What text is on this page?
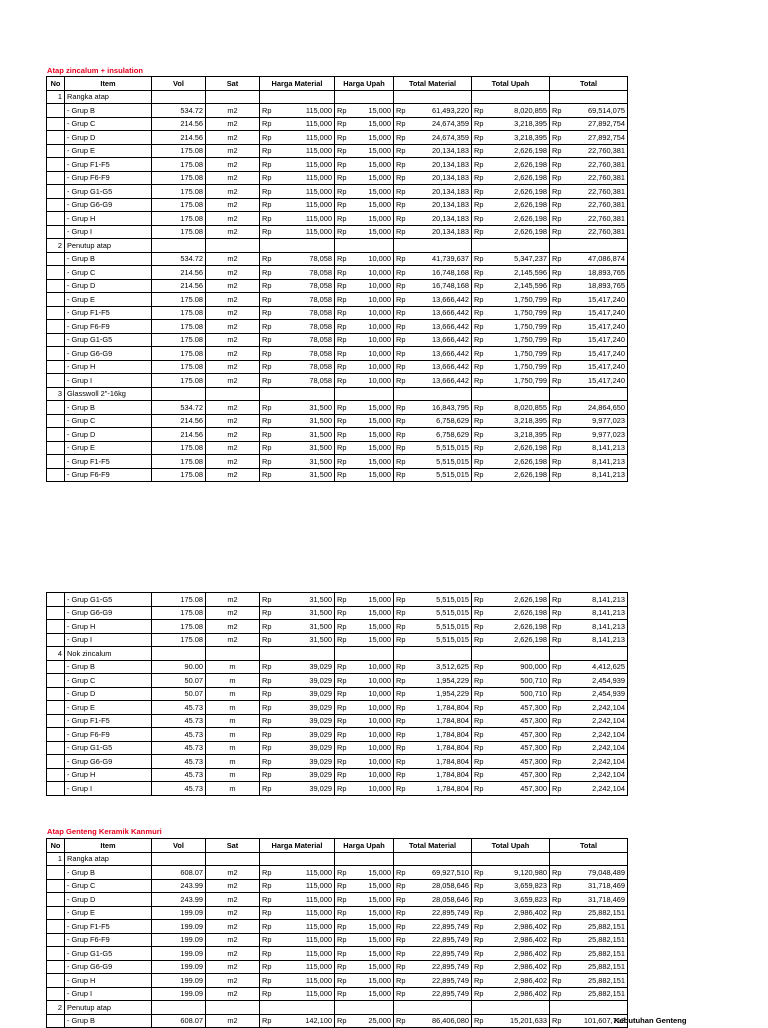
Atap zincalum + insulation
No	Item	Vol	Sat	Harga Material		Harga Upah		Total Material		Total Upah		Total	
1	Rangka atap												
	- Grup B	534.72	m2	Rp	115,000	Rp	15,000	Rp	61,493,220	Rp	8,020,855	Rp	69,514,075
	- Grup C	214.56	m2	Rp	115,000	Rp	15,000	Rp	24,674,359	Rp	3,218,395	Rp	27,892,754
	- Grup D	214.56	m2	Rp	115,000	Rp	15,000	Rp	24,674,359	Rp	3,218,395	Rp	27,892,754
	- Grup E	175.08	m2	Rp	115,000	Rp	15,000	Rp	20,134,183	Rp	2,626,198	Rp	22,760,381
	- Grup F1-F5	175.08	m2	Rp	115,000	Rp	15,000	Rp	20,134,183	Rp	2,626,198	Rp	22,760,381
	- Grup F6-F9	175.08	m2	Rp	115,000	Rp	15,000	Rp	20,134,183	Rp	2,626,198	Rp	22,760,381
	- Grup G1-G5	175.08	m2	Rp	115,000	Rp	15,000	Rp	20,134,183	Rp	2,626,198	Rp	22,760,381
	- Grup G6-G9	175.08	m2	Rp	115,000	Rp	15,000	Rp	20,134,183	Rp	2,626,198	Rp	22,760,381
	- Grup H	175.08	m2	Rp	115,000	Rp	15,000	Rp	20,134,183	Rp	2,626,198	Rp	22,760,381
	- Grup I	175.08	m2	Rp	115,000	Rp	15,000	Rp	20,134,183	Rp	2,626,198	Rp	22,760,381
2	Penutup atap												
	- Grup B	534.72	m2	Rp	78,058	Rp	10,000	Rp	41,739,637	Rp	5,347,237	Rp	47,086,874
	- Grup C	214.56	m2	Rp	78,058	Rp	10,000	Rp	16,748,168	Rp	2,145,596	Rp	18,893,765
	- Grup D	214.56	m2	Rp	78,058	Rp	10,000	Rp	16,748,168	Rp	2,145,596	Rp	18,893,765
	- Grup E	175.08	m2	Rp	78,058	Rp	10,000	Rp	13,666,442	Rp	1,750,799	Rp	15,417,240
	- Grup F1-F5	175.08	m2	Rp	78,058	Rp	10,000	Rp	13,666,442	Rp	1,750,799	Rp	15,417,240
	- Grup F6-F9	175.08	m2	Rp	78,058	Rp	10,000	Rp	13,666,442	Rp	1,750,799	Rp	15,417,240
	- Grup G1-G5	175.08	m2	Rp	78,058	Rp	10,000	Rp	13,666,442	Rp	1,750,799	Rp	15,417,240
	- Grup G6-G9	175.08	m2	Rp	78,058	Rp	10,000	Rp	13,666,442	Rp	1,750,799	Rp	15,417,240
	- Grup H	175.08	m2	Rp	78,058	Rp	10,000	Rp	13,666,442	Rp	1,750,799	Rp	15,417,240
	- Grup I	175.08	m2	Rp	78,058	Rp	10,000	Rp	13,666,442	Rp	1,750,799	Rp	15,417,240
3	Glasswoll 2"-16kg												
	- Grup B	534.72	m2	Rp	31,500	Rp	15,000	Rp	16,843,795	Rp	8,020,855	Rp	24,864,650
	- Grup C	214.56	m2	Rp	31,500	Rp	15,000	Rp	6,758,629	Rp	3,218,395	Rp	9,977,023
	- Grup D	214.56	m2	Rp	31,500	Rp	15,000	Rp	6,758,629	Rp	3,218,395	Rp	9,977,023
	- Grup E	175.08	m2	Rp	31,500	Rp	15,000	Rp	5,515,015	Rp	2,626,198	Rp	8,141,213
	- Grup F1-F5	175.08	m2	Rp	31,500	Rp	15,000	Rp	5,515,015	Rp	2,626,198	Rp	8,141,213
	- Grup F6-F9	175.08	m2	Rp	31,500	Rp	15,000	Rp	5,515,015	Rp	2,626,198	Rp	8,141,213
	- Grup G1-G5	175.08	m2	Rp	31,500	Rp	15,000	Rp	5,515,015	Rp	2,626,198	Rp	8,141,213
	- Grup G6-G9	175.08	m2	Rp	31,500	Rp	15,000	Rp	5,515,015	Rp	2,626,198	Rp	8,141,213
	- Grup H	175.08	m2	Rp	31,500	Rp	15,000	Rp	5,515,015	Rp	2,626,198	Rp	8,141,213
	- Grup I	175.08	m2	Rp	31,500	Rp	15,000	Rp	5,515,015	Rp	2,626,198	Rp	8,141,213
4	Nok zincalum												
	- Grup B	90.00	m	Rp	39,029	Rp	10,000	Rp	3,512,625	Rp	900,000	Rp	4,412,625
	- Grup C	50.07	m	Rp	39,029	Rp	10,000	Rp	1,954,229	Rp	500,710	Rp	2,454,939
	- Grup D	50.07	m	Rp	39,029	Rp	10,000	Rp	1,954,229	Rp	500,710	Rp	2,454,939
	- Grup E	45.73	m	Rp	39,029	Rp	10,000	Rp	1,784,804	Rp	457,300	Rp	2,242,104
	- Grup F1-F5	45.73	m	Rp	39,029	Rp	10,000	Rp	1,784,804	Rp	457,300	Rp	2,242,104
	- Grup F6-F9	45.73	m	Rp	39,029	Rp	10,000	Rp	1,784,804	Rp	457,300	Rp	2,242,104
	- Grup G1-G5	45.73	m	Rp	39,029	Rp	10,000	Rp	1,784,804	Rp	457,300	Rp	2,242,104
	- Grup G6-G9	45.73	m	Rp	39,029	Rp	10,000	Rp	1,784,804	Rp	457,300	Rp	2,242,104
	- Grup H	45.73	m	Rp	39,029	Rp	10,000	Rp	1,784,804	Rp	457,300	Rp	2,242,104
	- Grup I	45.73	m	Rp	39,029	Rp	10,000	Rp	1,784,804	Rp	457,300	Rp	2,242,104
Atap Genteng Keramik Kanmuri
No	Item	Vol	Sat	Harga Material		Harga Upah		Total Material		Total Upah		Total	
1	Rangka atap												
	- Grup B	608.07	m2	Rp	115,000	Rp	15,000	Rp	69,927,510	Rp	9,120,980	Rp	79,048,489
	- Grup C	243.99	m2	Rp	115,000	Rp	15,000	Rp	28,058,646	Rp	3,659,823	Rp	31,718,469
	- Grup D	243.99	m2	Rp	115,000	Rp	15,000	Rp	28,058,646	Rp	3,659,823	Rp	31,718,469
	- Grup E	199.09	m2	Rp	115,000	Rp	15,000	Rp	22,895,749	Rp	2,986,402	Rp	25,882,151
	- Grup F1-F5	199.09	m2	Rp	115,000	Rp	15,000	Rp	22,895,749	Rp	2,986,402	Rp	25,882,151
	- Grup F6-F9	199.09	m2	Rp	115,000	Rp	15,000	Rp	22,895,749	Rp	2,986,402	Rp	25,882,151
	- Grup G1-G5	199.09	m2	Rp	115,000	Rp	15,000	Rp	22,895,749	Rp	2,986,402	Rp	25,882,151
	- Grup G6-G9	199.09	m2	Rp	115,000	Rp	15,000	Rp	22,895,749	Rp	2,986,402	Rp	25,882,151
	- Grup H	199.09	m2	Rp	115,000	Rp	15,000	Rp	22,895,749	Rp	2,986,402	Rp	25,882,151
	- Grup I	199.09	m2	Rp	115,000	Rp	15,000	Rp	22,895,749	Rp	2,986,402	Rp	25,882,151
2	Penutup atap												
	- Grup B	608.07	m2	Rp	142,100	Rp	25,000	Rp	86,406,080	Rp	15,201,633	Rp	101,607,712
Kebutuhan Genteng
